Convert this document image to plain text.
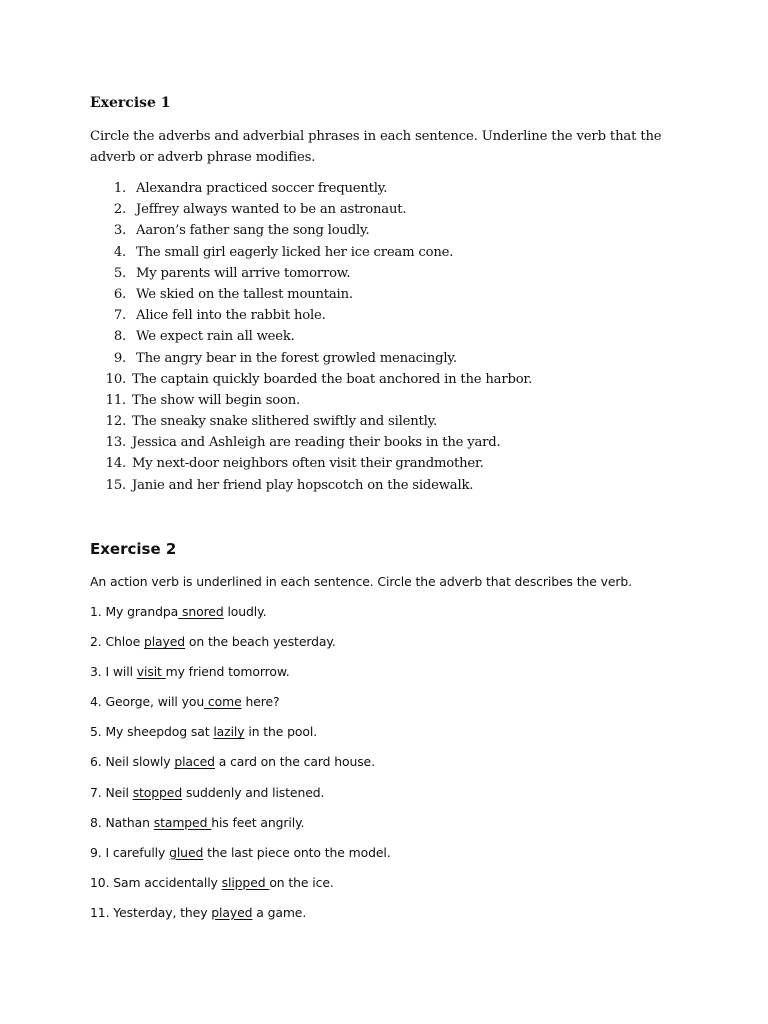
Exercise 1
Circle the adverbs and adverbial phrases in each sentence. Underline the verb that the adverb or adverb phrase modifies.
1. Alexandra practiced soccer frequently.
2. Jeffrey always wanted to be an astronaut.
3. Aaron’s father sang the song loudly.
4. The small girl eagerly licked her ice cream cone.
5. My parents will arrive tomorrow.
6. We skied on the tallest mountain.
7. Alice fell into the rabbit hole.
8. We expect rain all week.
9. The angry bear in the forest growled menacingly.
10. The captain quickly boarded the boat anchored in the harbor.
11. The show will begin soon.
12. The sneaky snake slithered swiftly and silently.
13. Jessica and Ashleigh are reading their books in the yard.
14. My next-door neighbors often visit their grandmother.
15. Janie and her friend play hopscotch on the sidewalk.
Exercise 2
An action verb is underlined in each sentence. Circle the adverb that describes the verb.
1. My grandpa snored loudly.
2. Chloe played on the beach yesterday.
3. I will visit my friend tomorrow.
4. George, will you come here?
5. My sheepdog sat lazily in the pool.
6. Neil slowly placed a card on the card house.
7. Neil stopped suddenly and listened.
8. Nathan stamped his feet angrily.
9. I carefully glued the last piece onto the model.
10. Sam accidentally slipped on the ice.
11. Yesterday, they played a game.
